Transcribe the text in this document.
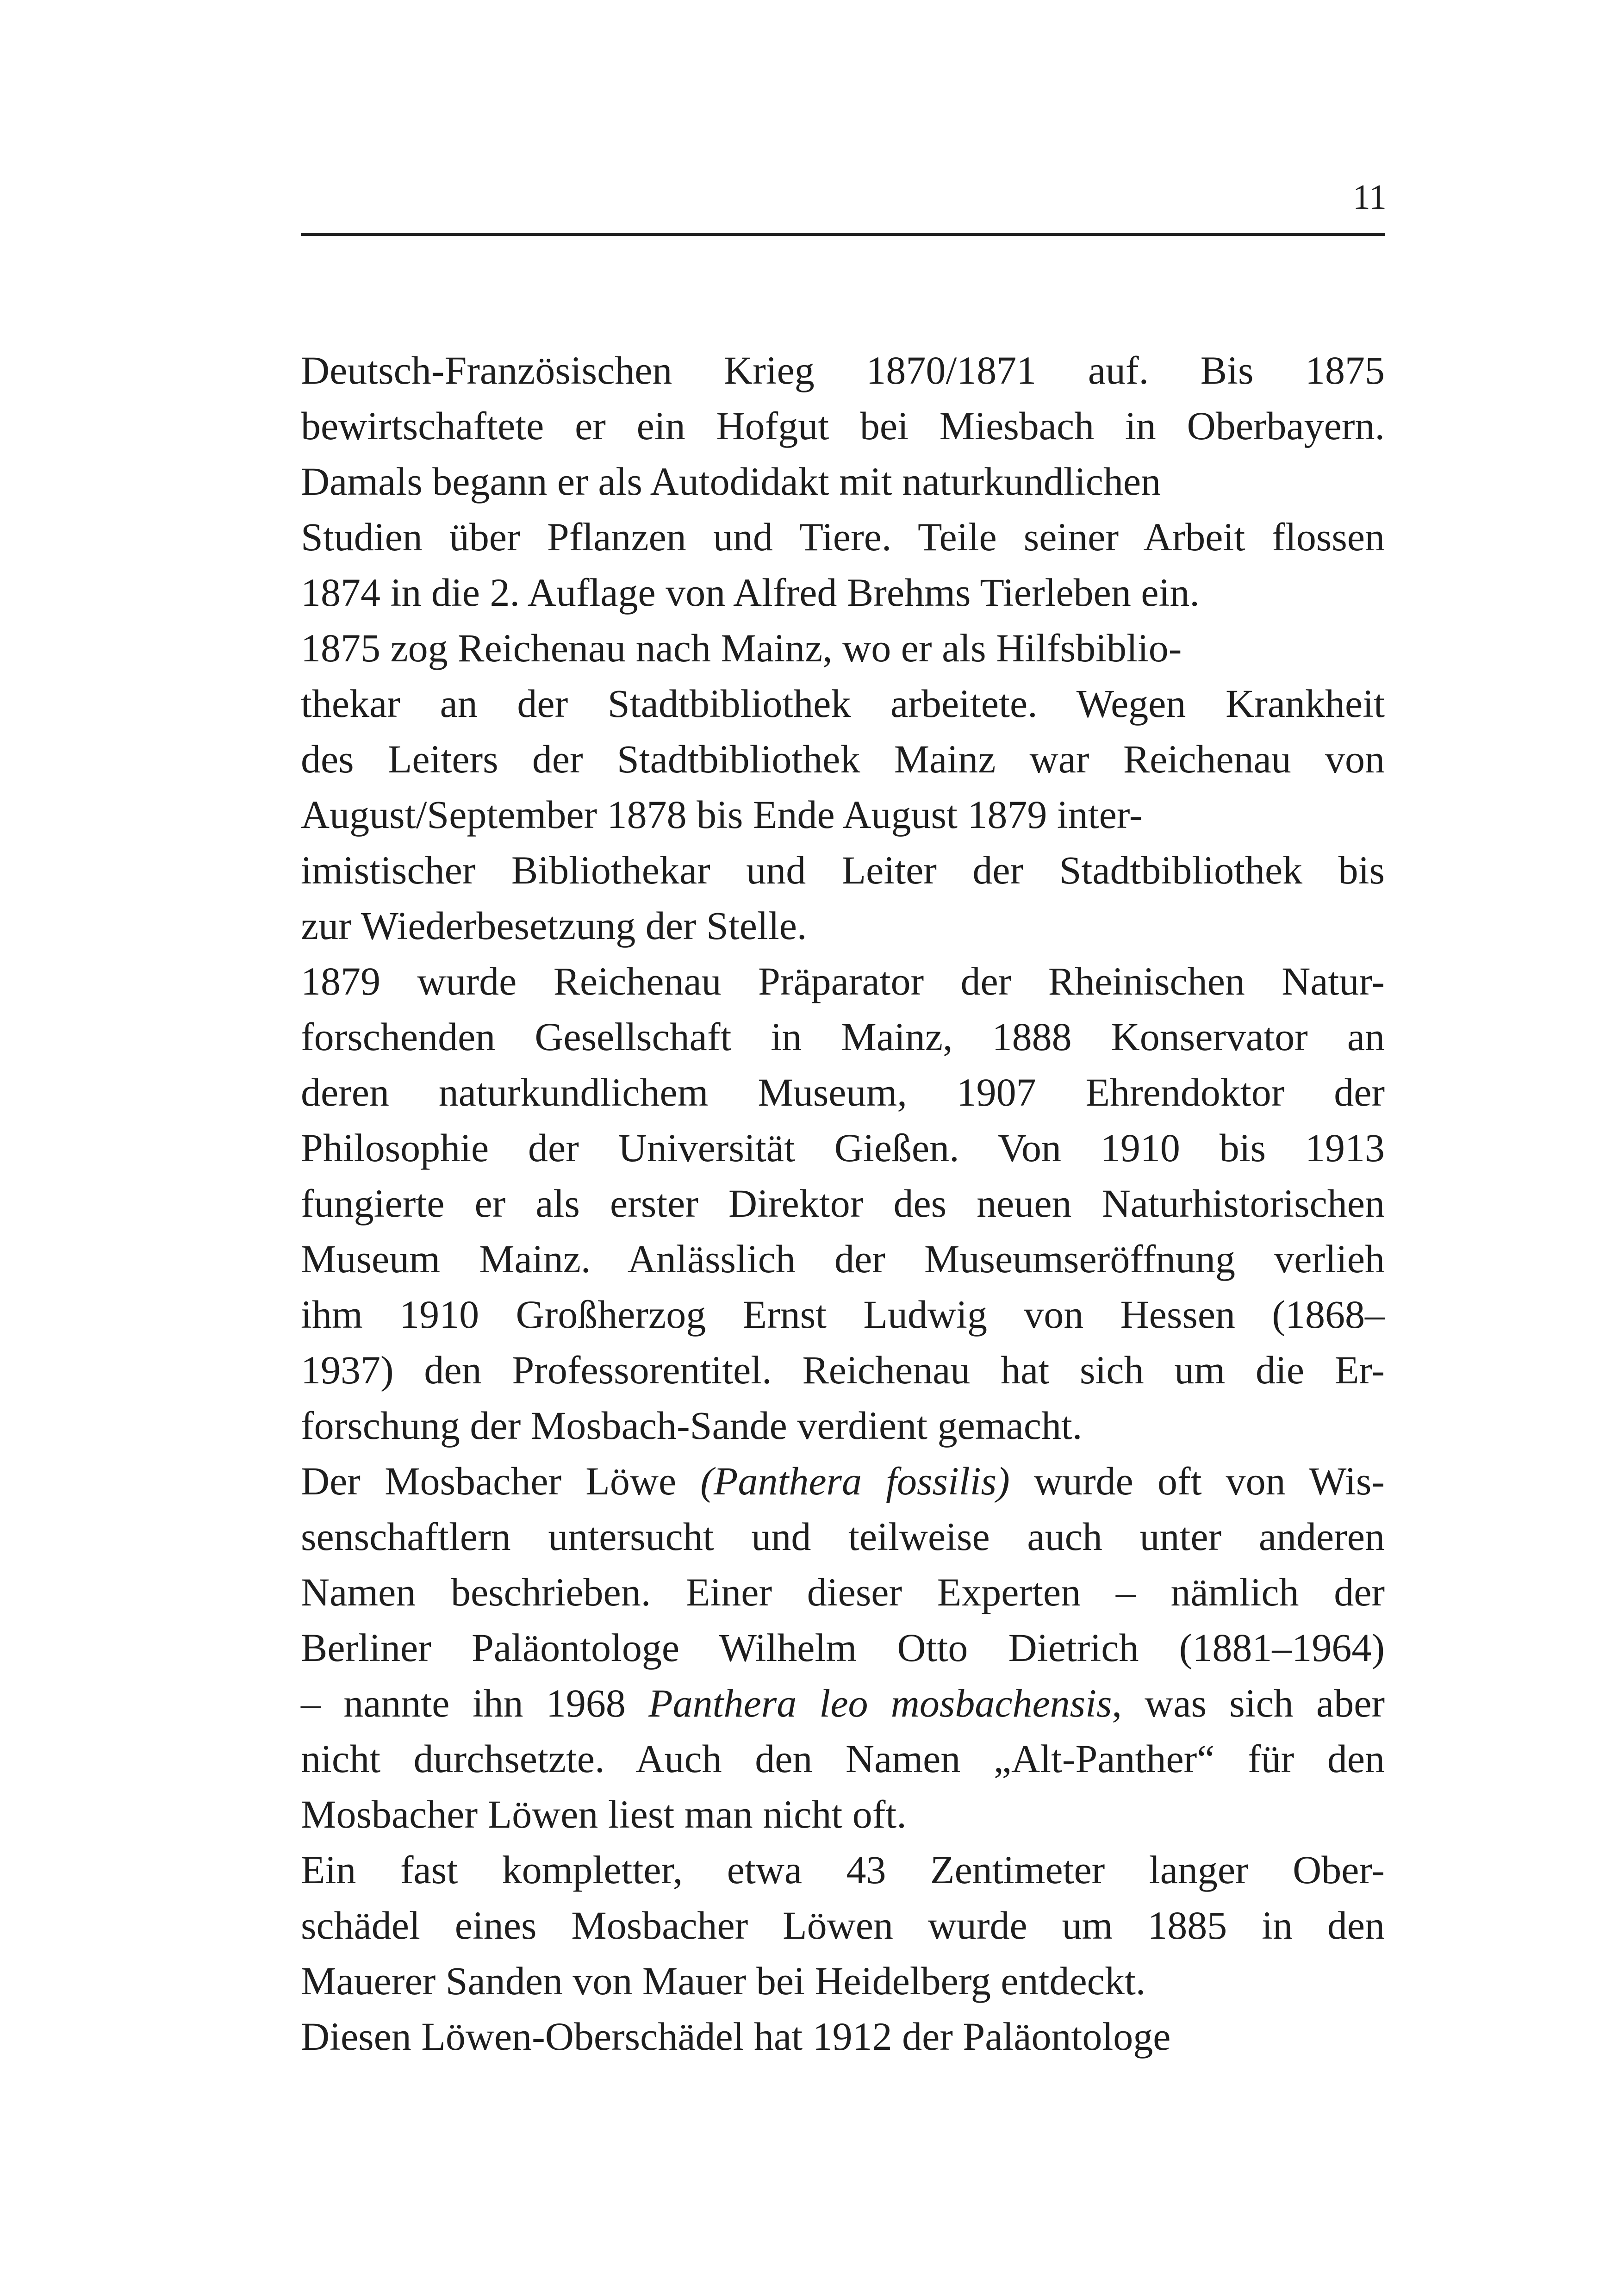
11
Deutsch-Französischen Krieg 1870/1871 auf. Bis 1875
bewirtschaftete er ein Hofgut bei Miesbach in Oberbayern.
Damals begann er als Autodidakt mit naturkundlichen
Studien über Pflanzen und Tiere. Teile seiner Arbeit flossen
1874 in die 2. Auflage von Alfred Brehms Tierleben ein.
1875 zog Reichenau nach Mainz, wo er als Hilfsbiblio-
thekar an der Stadtbibliothek arbeitete. Wegen Krankheit
des Leiters der Stadtbibliothek Mainz war Reichenau von
August/September 1878 bis Ende August 1879 inter-
imistischer Bibliothekar und Leiter der Stadtbibliothek bis
zur Wiederbesetzung der Stelle.
1879 wurde Reichenau Präparator der Rheinischen Natur-
forschenden Gesellschaft in Mainz, 1888 Konservator an
deren naturkundlichem Museum, 1907 Ehrendoktor der
Philosophie der Universität Gießen. Von 1910 bis 1913
fungierte er als erster Direktor des neuen Naturhistorischen
Museum Mainz. Anlässlich der Museumseröffnung verlieh
ihm 1910 Großherzog Ernst Ludwig von Hessen (1868–
1937) den Professorentitel. Reichenau hat sich um die Er-
forschung der Mosbach-Sande verdient gemacht.
Der Mosbacher Löwe (Panthera fossilis) wurde oft von Wis-
senschaftlern untersucht und teilweise auch unter anderen
Namen beschrieben. Einer dieser Experten – nämlich der
Berliner Paläontologe Wilhelm Otto Dietrich (1881–1964)
– nannte ihn 1968 Panthera leo mosbachensis, was sich aber
nicht durchsetzte. Auch den Namen „Alt-Panther“ für den
Mosbacher Löwen liest man nicht oft.
Ein fast kompletter, etwa 43 Zentimeter langer Ober-
schädel eines Mosbacher Löwen wurde um 1885 in den
Mauerer Sanden von Mauer bei Heidelberg entdeckt.
Diesen Löwen-Oberschädel hat 1912 der Paläontologe
